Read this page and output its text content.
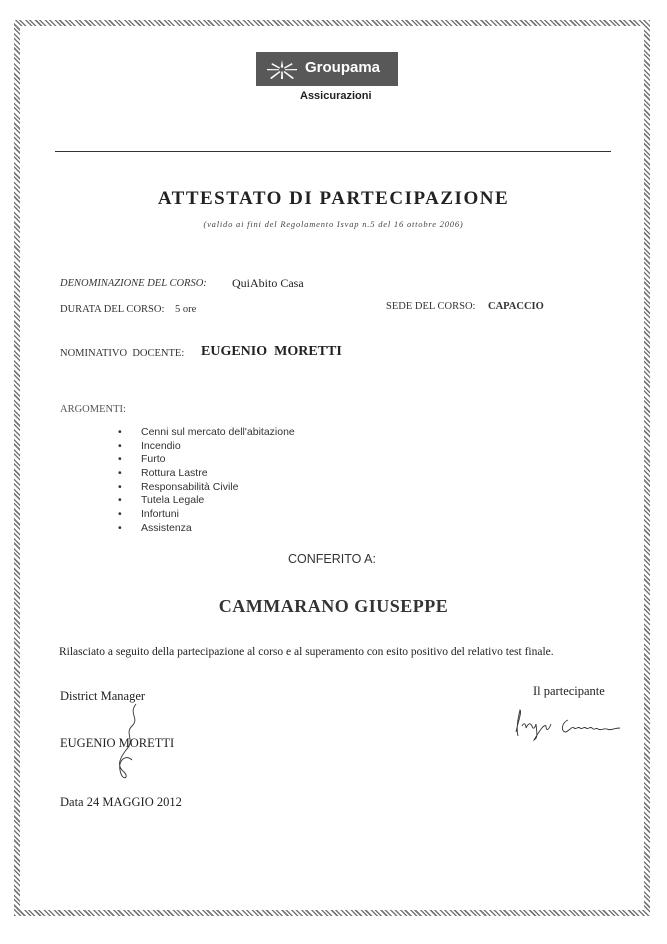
Groupama
Assicurazioni
ATTESTATO DI PARTECIPAZIONE
(valido ai fini del Regolamento Isvap n.5 del 16 ottobre 2006)
DENOMINAZIONE DEL CORSO: QuiAbito Casa
DURATA DEL CORSO: 5 ore	SEDE DEL CORSO: CAPACCIO
NOMINATIVO  DOCENTE: EUGENIO  MORETTI
ARGOMENTI:
• Cenni sul mercato dell'abitazione
• Incendio
• Furto
• Rottura Lastre
• Responsabilità Civile
• Tutela Legale
• Infortuni
• Assistenza
CONFERITO A:
CAMMARANO GIUSEPPE
Rilasciato a seguito della partecipazione al corso e al superamento con esito positivo del relativo test finale.
District Manager	Il partecipante
EUGENIO MORETTI
Data 24 MAGGIO 2012
